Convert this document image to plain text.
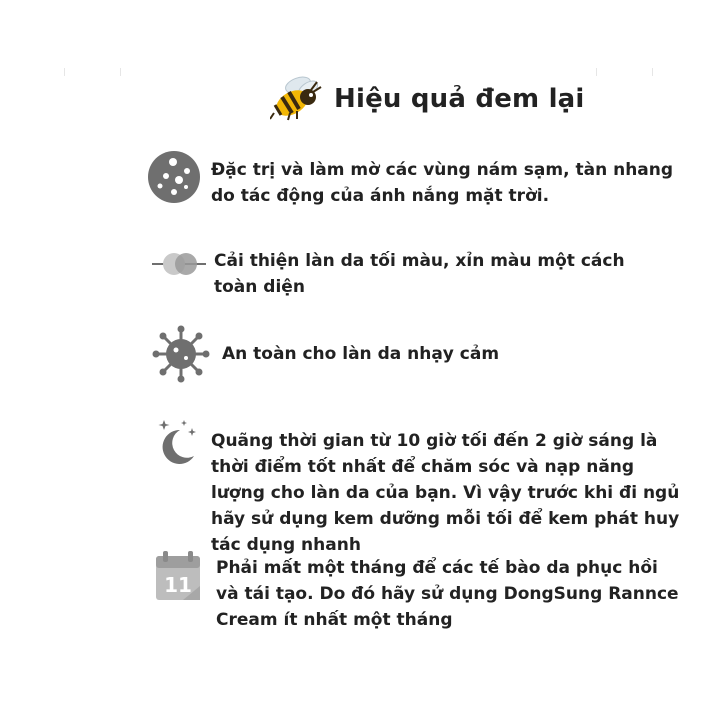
Hiệu quả đem lại

Đặc trị và làm mờ các vùng nám sạm, tàn nhang do tác động của ánh nắng mặt trời.

Cải thiện làn da tối màu, xỉn màu một cách toàn diện

An toàn cho làn da nhạy cảm

Quãng thời gian từ 10 giờ tối đến 2 giờ sáng là thời điểm tốt nhất để chăm sóc và nạp năng lượng cho làn da của bạn. Vì vậy trước khi đi ngủ hãy sử dụng kem dưỡng mỗi tối để kem phát huy tác dụng nhanh

11

Phải mất một tháng để các tế bào da phục hồi và tái tạo. Do đó hãy sử dụng DongSung Rannce Cream ít nhất một tháng
